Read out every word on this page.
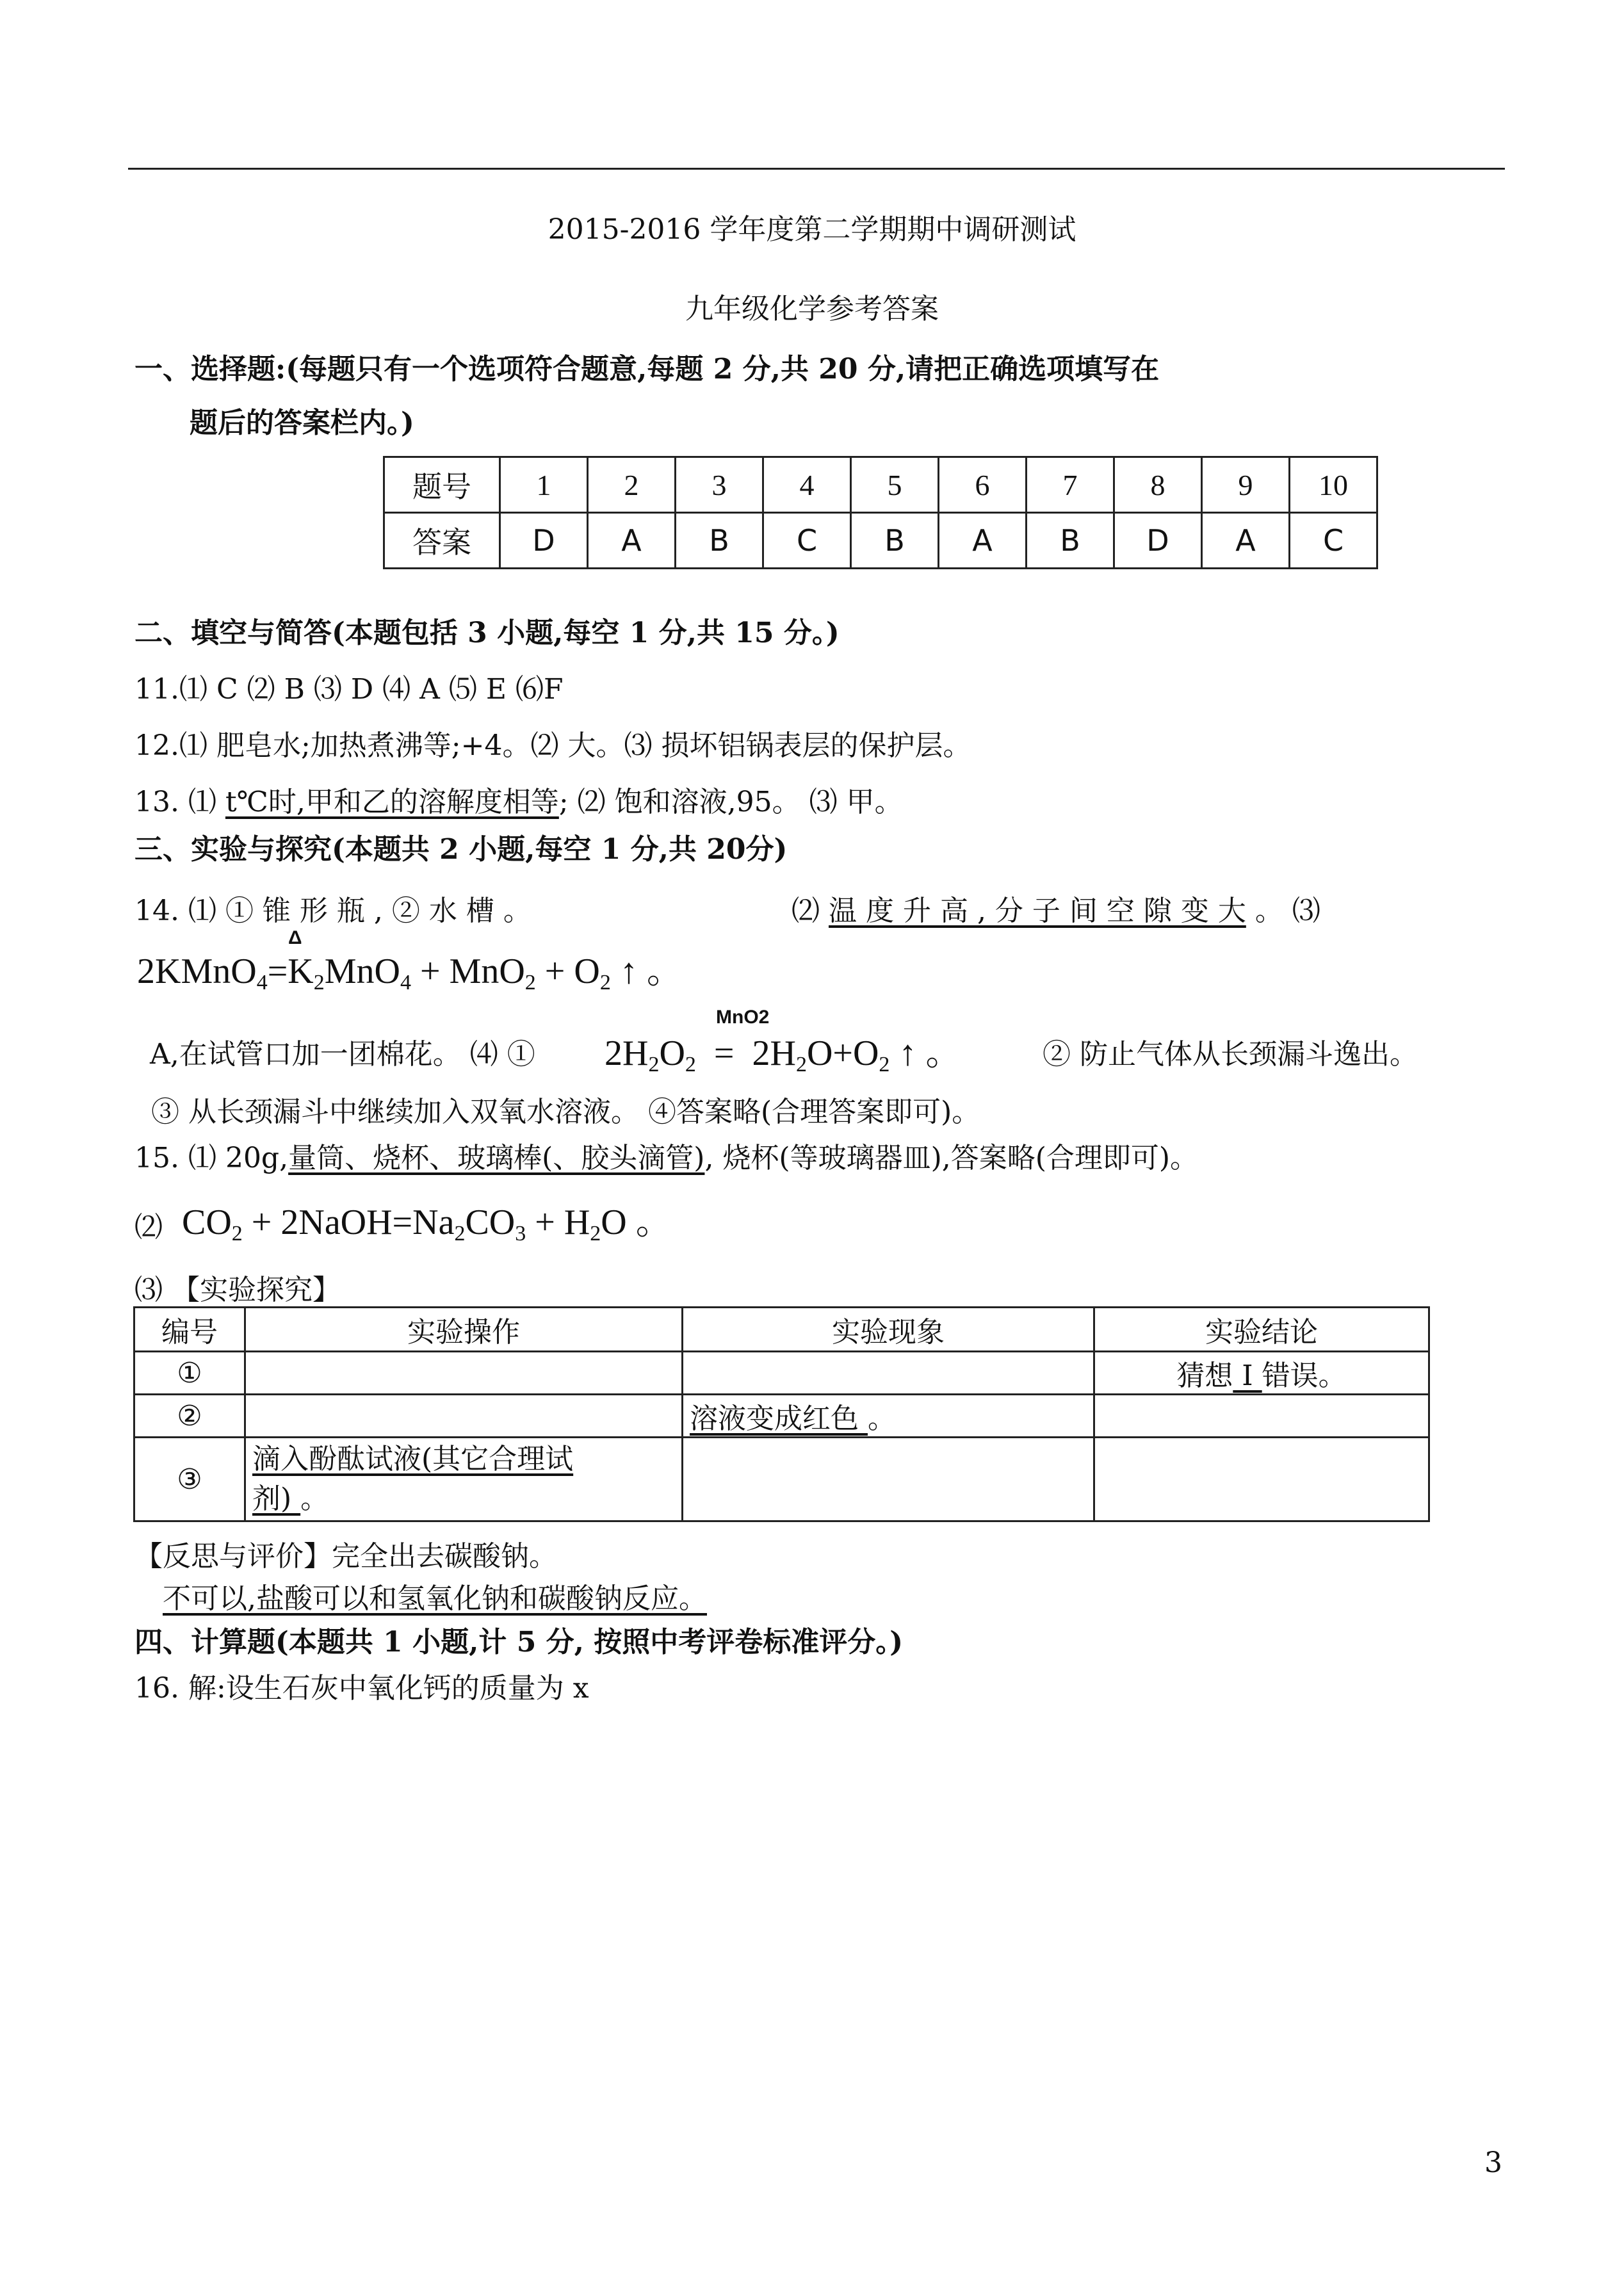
2015-2016 学年度第二学期期中调研测试
九年级化学参考答案
一、选择题:(每题只有一个选项符合题意,每题 2 分,共 20 分,请把正确选项填写在
题后的答案栏内。)
题号	1	2	3	4	5	6	7	8	9	10
答案	D	A	B	C	B	A	B	D	A	C
二、填空与简答(本题包括 3 小题,每空 1 分,共 15 分。)
11.⑴ C ⑵ B ⑶ D ⑷ A ⑸ E ⑹F
12.⑴ 肥皂水;加热煮沸等;+4。⑵ 大。⑶ 损坏铝锅表层的保护层。
13. ⑴ t℃时,甲和乙的溶解度相等; ⑵ 饱和溶液,95。 ⑶ 甲。
三、实验与探究(本题共 2 小题,每空 1 分,共 20分)
14. ⑴ ① 锥 形 瓶 , ② 水 槽 。	⑵ 温 度 升 高 , 分 子 间 空 隙 变 大 。 ⑶
Δ
$2KMnO_4=K_2MnO_4 + MnO_2 + O_2$ ↑ 。
A,在试管口加一团棉花。 ⑷ ①
MnO2
$2H_2O_2 = 2H_2O+O_2$ ↑ 。	② 防止气体从长颈漏斗逸出。
③ 从长颈漏斗中继续加入双氧水溶液。 ④答案略(合理答案即可)。
15. ⑴ 20g,量筒、烧杯、玻璃棒(、胶头滴管), 烧杯(等玻璃器皿),答案略(合理即可)。
⑵ $CO_2$ + $2NaOH=Na_2CO_3 + H_2O$ 。
⑶ 【实验探究】
编号	实验操作	实验现象	实验结论
①			猜想 Ⅰ 错误。
②		溶液变成红色 。	
③	滴入酚酞试液(其它合理试
剂) 。		
【反思与评价】完全出去碳酸钠。
不可以,盐酸可以和氢氧化钠和碳酸钠反应。
四、计算题(本题共 1 小题,计 5 分, 按照中考评卷标准评分。)
16. 解:设生石灰中氧化钙的质量为 x
3
